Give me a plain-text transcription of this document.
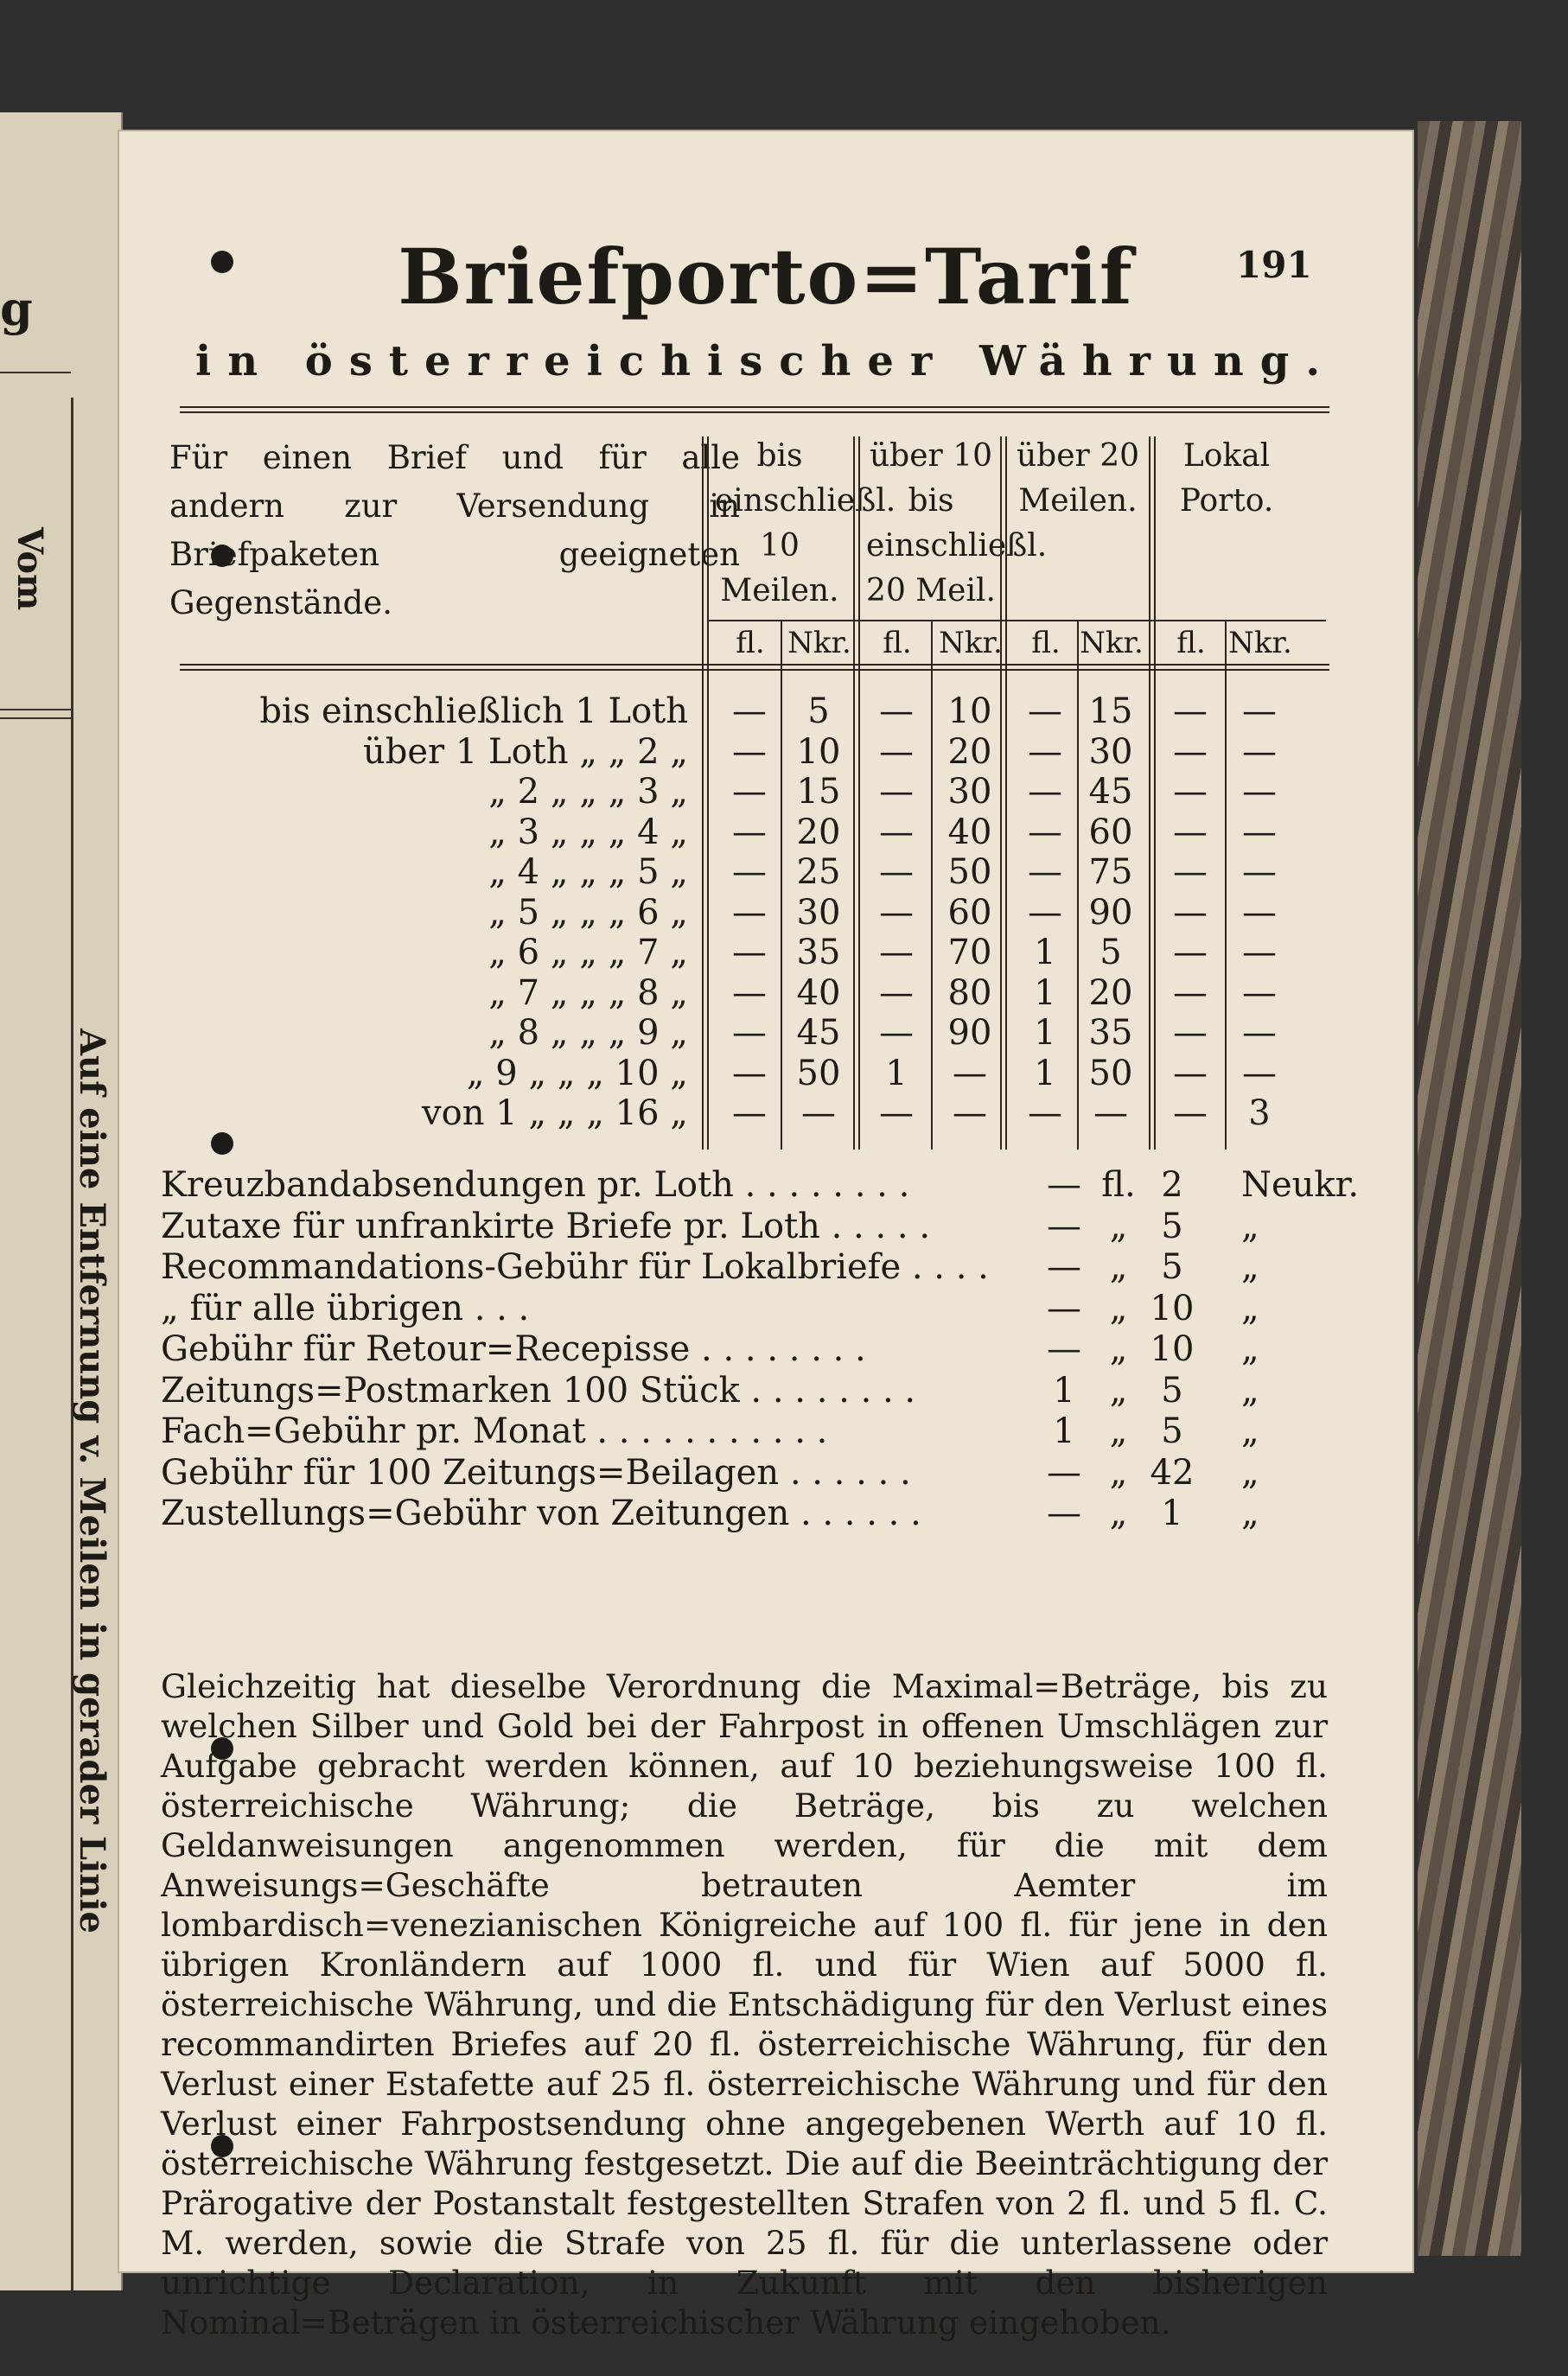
g
Vom
Auf eine Entfernung v. Meilen in gerader Linie
Briefporto=Tarif	191
in österreichischer Währung.
Für einen Brief und für alle andern zur Versendung in Briefpaketen geeigneten Gegenstände.
bis einschließl. 10 Meilen.
fl. Nkr.
über 10 bis einschließl. 20 Meil.
fl. Nkr.
über 20 Meilen.
fl. Nkr.
Lokal Porto.
fl. Nkr.
bis einschließlich 1 Loth	—	5	— 10	— 15	—	—
über 1 Loth „ „ 2 „	— 10	— 20	— 30	—	—
„ 2 „ „ „ 3 „	— 15	— 30	— 45	—	—
„ 3 „ „ „ 4 „	— 20	— 40	— 60	—	—
„ 4 „ „ „ 5 „	— 25	— 50	— 75	—	—
„ 5 „ „ „ 6 „	— 30	— 60	— 90	—	—
„ 6 „ „ „ 7 „	— 35	— 70	1	5	—	—
„ 7 „ „ „ 8 „	— 40	— 80	1 20	—	—
„ 8 „ „ „ 9 „	— 45	— 90	1 35	—	—
„ 9 „ „ „ 10 „	— 50	1	—	1 50	—	—
von 1 „ „ „ 16 „	—	—	—	—	— —	—	3
Kreuzbandabsendungen pr. Loth . . . . . . . .	— fl. 2	Neukr.
Zutaxe für unfrankirte Briefe pr. Loth . . . . .	— „ 5	„
Recommandations-Gebühr für Lokalbriefe . . . .	— „ 5	„
„ für alle übrigen . . .	— „ 10	„
Gebühr für Retour=Recepisse . . . . . . . .	— „ 10	„
Zeitungs=Postmarken 100 Stück . . . . . . . .	1 „ 5	„
Fach=Gebühr pr. Monat . . . . . . . . . . .	1 „ 5	„
Gebühr für 100 Zeitungs=Beilagen . . . . . .	— „ 42	„
Zustellungs=Gebühr von Zeitungen . . . . . .	— „ 1	„
Gleichzeitig hat dieselbe Verordnung die Maximal=Beträge, bis zu welchen Silber und Gold bei der Fahrpost in offenen Umschlägen zur Aufgabe gebracht werden können, auf 10 beziehungsweise 100 fl. österreichische Währung; die Beträge, bis zu welchen Geldanweisungen angenommen werden, für die mit dem Anweisungs=Geschäfte betrauten Aemter im lombardisch=venezianischen Königreiche auf 100 fl. für jene in den übrigen Kronländern auf 1000 fl. und für Wien auf 5000 fl. österreichische Währung, und die Entschädigung für den Verlust eines recommandirten Briefes auf 20 fl. österreichische Währung, für den Verlust einer Estafette auf 25 fl. österreichische Währung und für den Verlust einer Fahrpostsendung ohne angegebenen Werth auf 10 fl. österreichische Währung festgesetzt. Die auf die Beeinträchtigung der Prärogative der Postanstalt festgestellten Strafen von 2 fl. und 5 fl. C. M. werden, sowie die Strafe von 25 fl. für die unterlassene oder unrichtige Declaration, in Zukunft mit den bisherigen Nominal=Beträgen in österreichischer Währung eingehoben.
